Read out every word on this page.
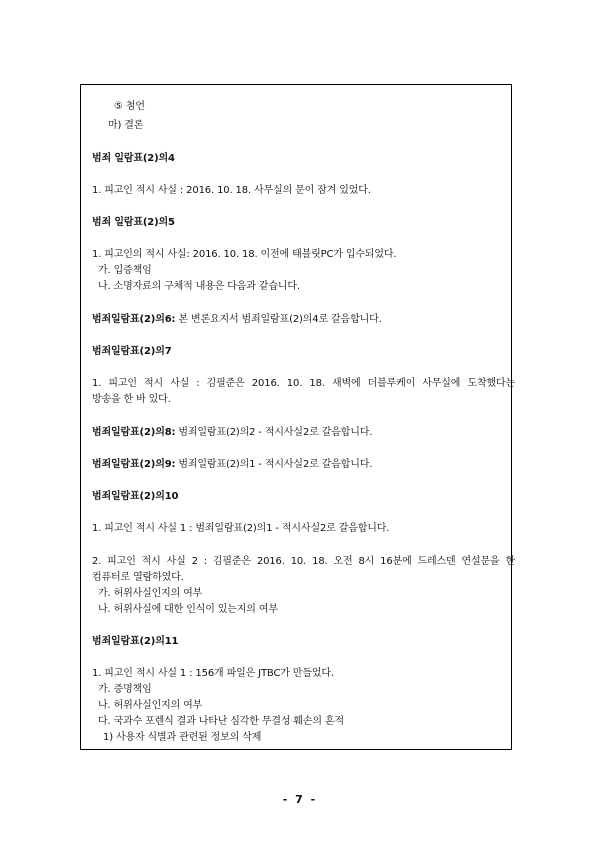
⑤ 첨언
마) 결론
범죄 일람표(2)의4
1. 피고인 적시 사실 : 2016. 10. 18. 사무실의 문이 잠겨 있었다.
범죄 일람표(2)의5
1. 피고인의 적시 사실: 2016. 10. 18. 이전에 태블릿PC가 입수되었다.
가. 입증책임
나. 소명자료의 구체적 내용은 다음과 같습니다.
범죄일람표(2)의6: 본 변론요지서 범죄일람표(2)의4로 갈음합니다.
범죄일람표(2)의7
1. 피고인 적시 사실 : 김필준은 2016. 10. 18. 새벽에 더블루케이 사무실에 도착했다는
방송을 한 바 있다.
범죄일람표(2)의8: 범죄일람표(2)의2 - 적시사실2로 갈음합니다.
범죄일람표(2)의9: 범죄일람표(2)의1 - 적시사실2로 갈음합니다.
범죄일람표(2)의10
1. 피고인 적시 사실 1 : 범죄일람표(2)의1 - 적시사실2로 갈음합니다.
2. 피고인 적시 사실 2 : 김필준은 2016. 10. 18. 오전 8시 16분에 드레스덴 연설문을 한
컴퓨터로 열람하였다.
가. 허위사실인지의 여부
나. 허위사실에 대한 인식이 있는지의 여부
범죄일람표(2)의11
1. 피고인 적시 사실 1 : 156개 파일은 JTBC가 만들었다.
가. 증명책임
나. 허위사실인지의 여부
다. 국과수 포렌식 결과 나타난 심각한 무결성 훼손의 흔적
1) 사용자 식별과 관련된 정보의 삭제
- 7 -
